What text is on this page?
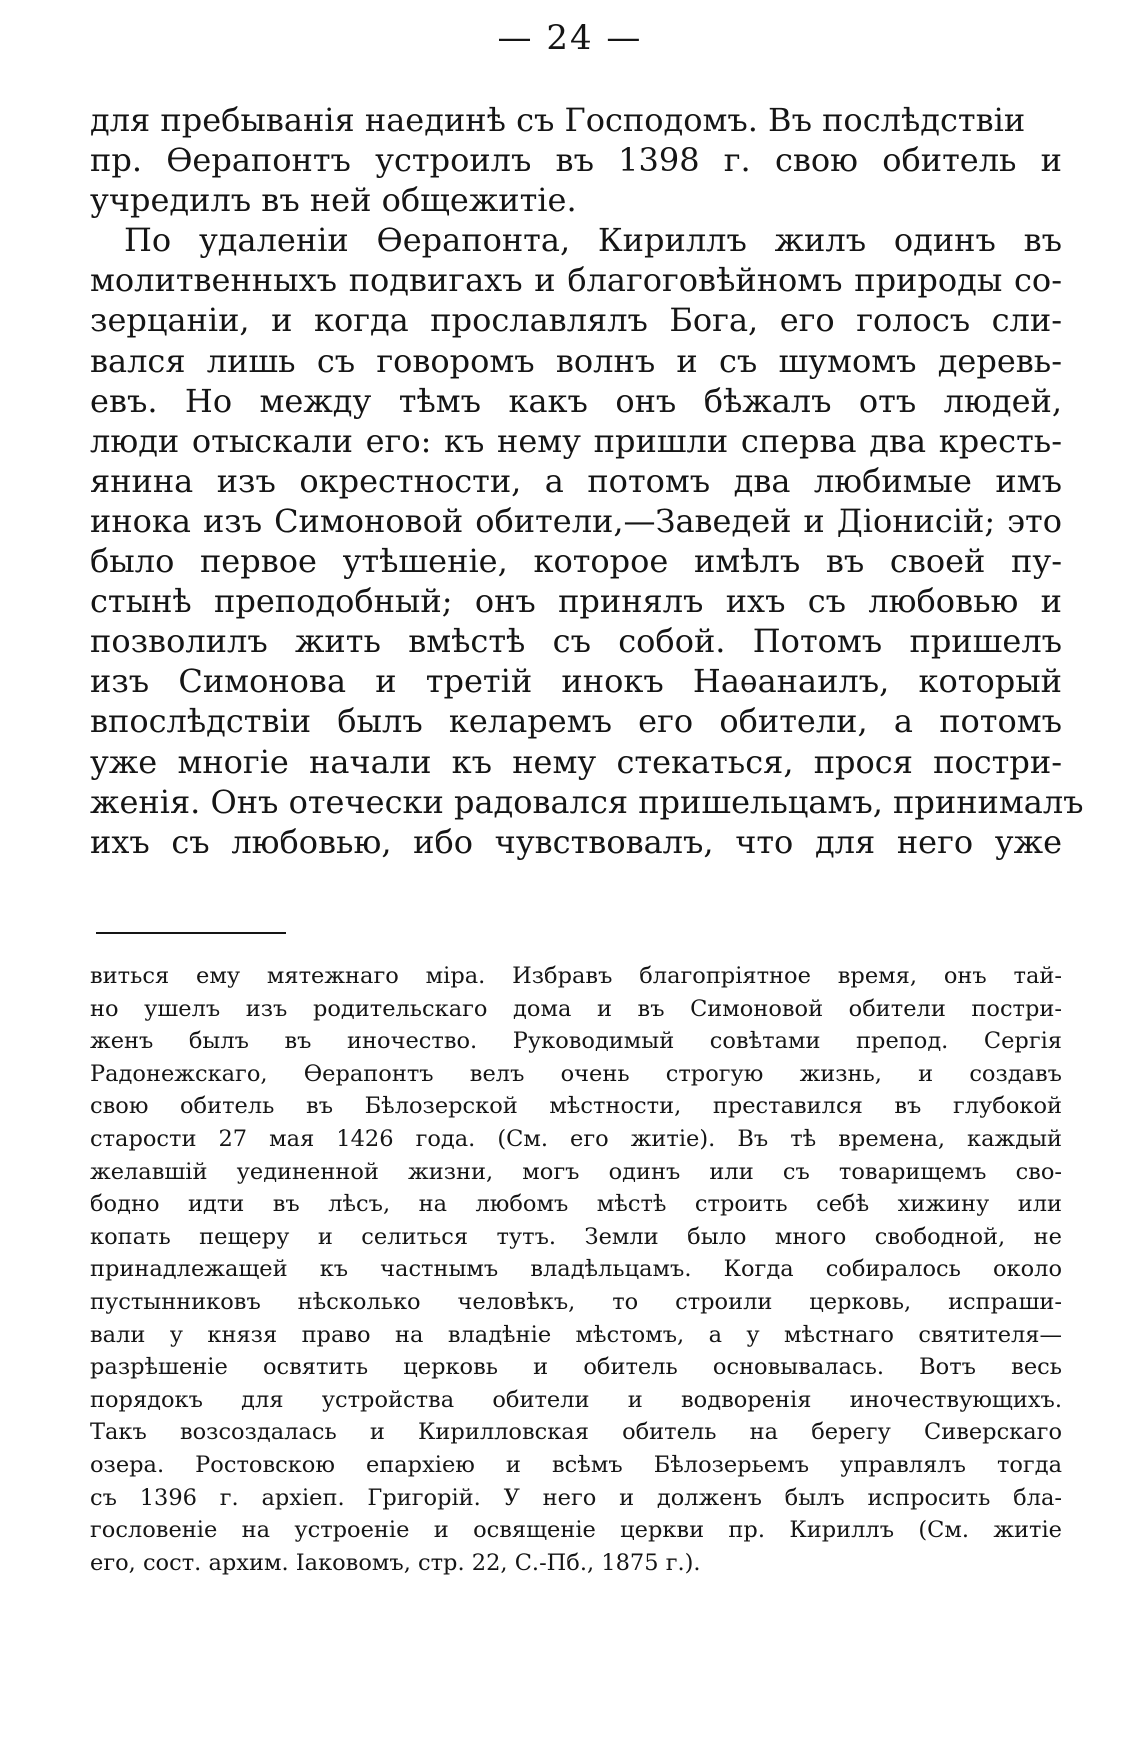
— 24 —
для пребыванія наединѣ съ Господомъ. Въ послѣдствіи
пр. Ѳерапонтъ устроилъ въ 1398 г. свою обитель и
учредилъ въ ней общежитіе.
По удаленіи Ѳерапонта, Кириллъ жилъ одинъ въ
молитвенныхъ подвигахъ и благоговѣйномъ природы со-
зерцаніи, и когда прославлялъ Бога, его голосъ сли-
вался лишь съ говоромъ волнъ и съ шумомъ деревь-
евъ. Но между тѣмъ какъ онъ бѣжалъ отъ людей,
люди отыскали его: къ нему пришли сперва два кресть-
янина изъ окрестности, а потомъ два любимые имъ
инока изъ Симоновой обители,—Заведей и Діонисій; это
было первое утѣшеніе, которое имѣлъ въ своей пу-
стынѣ преподобный; онъ принялъ ихъ съ любовью и
позволилъ жить вмѣстѣ съ собой. Потомъ пришелъ
изъ Симонова и третій инокъ Наѳанаилъ, который
впослѣдствіи былъ келаремъ его обители, а потомъ
уже многіе начали къ нему стекаться, прося постри-
женія. Онъ отечески радовался пришельцамъ, принималъ
ихъ съ любовью, ибо чувствовалъ, что для него уже
виться ему мятежнаго міра. Избравъ благопріятное время, онъ тай-
но ушелъ изъ родительскаго дома и въ Симоновой обители постри-
женъ былъ въ иночество. Руководимый совѣтами препод. Сергія
Радонежскаго, Ѳерапонтъ велъ очень строгую жизнь, и создавъ
свою обитель въ Бѣлозерской мѣстности, преставился въ глубокой
старости 27 мая 1426 года. (См. его житіе). Въ тѣ времена, каждый
желавшій уединенной жизни, могъ одинъ или съ товарищемъ сво-
бодно идти въ лѣсъ, на любомъ мѣстѣ строить себѣ хижину или
копать пещеру и селиться тутъ. Земли было много свободной, не
принадлежащей къ частнымъ владѣльцамъ. Когда собиралось около
пустынниковъ нѣсколько человѣкъ, то строили церковь, испраши-
вали у князя право на владѣніе мѣстомъ, а у мѣстнаго святителя—
разрѣшеніе освятить церковь и обитель основывалась. Вотъ весь
порядокъ для устройства обители и водворенія иночествующихъ.
Такъ возсоздалась и Кирилловская обитель на берегу Сиверскаго
озера. Ростовскою епархіею и всѣмъ Бѣлозерьемъ управлялъ тогда
съ 1396 г. архіеп. Григорій. У него и долженъ былъ испросить бла-
гословеніе на устроеніе и освященіе церкви пр. Кириллъ (См. житіе
его, сост. архим. Іаковомъ, стр. 22, С.-Пб., 1875 г.).
